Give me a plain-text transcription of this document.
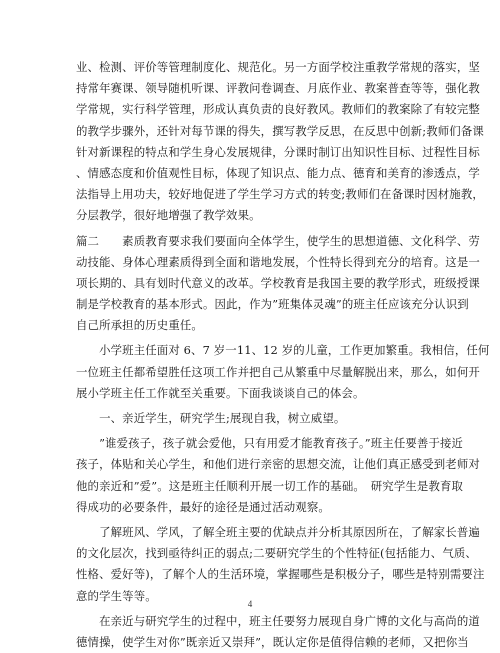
业、检测、评价等管理制度化、规范化。另一方面学校注重教学常规的落实，坚

持常年赛课、领导随机听课、评教问卷调查、月底作业、教案普查等等，强化教

学常规，实行科学管理，形成认真负责的良好教风。教师们的教案除了有较完整

的教学步骤外，还针对每节课的得失，撰写教学反思，在反思中创新;教师们备课

针对新课程的特点和学生身心发展规律，分课时制订出知识性目标、过程性目标

、情感态度和价值观性目标，体现了知识点、能力点、德育和美育的渗透点，学

法指导上用功夫，较好地促进了学生学习方式的转变;教师们在备课时因材施教，

分层教学，很好地增强了教学效果。

篇二　　素质教育要求我们要面向全体学生，使学生的思想道德、文化科学、劳

动技能、身体心理素质得到全面和谐地发展，个性特长得到充分的培育。这是一

项长期的、具有划时代意义的改革。学校教育是我国主要的教学形式，班级授课

制是学校教育的基本形式。因此，作为”班集体灵魂”的班主任应该充分认识到

自己所承担的历史重任。

　　小学班主任面对 6、7 岁一11、12 岁的儿童，工作更加繁重。我相信，任何

一位班主任都希望胜任这项工作并把自己从繁重中尽量解脱出来，那么，如何开

展小学班主任工作就至关重要。下面我谈谈自己的体会。

　　一、亲近学生，研究学生;展现自我，树立威望。

　　”谁爱孩子，孩子就会爱他，只有用爱才能教育孩子。”班主任要善于接近

孩子，体贴和关心学生，和他们进行亲密的思想交流，让他们真正感受到老师对

他的亲近和”爱”。这是班主任顺利开展一切工作的基础。　研究学生是教育取

得成功的必要条件，最好的途径是通过活动观察。

　　了解班风、学风，了解全班主要的优缺点并分析其原因所在，了解家长普遍

的文化层次，找到亟待纠正的弱点;二要研究学生的个性特征(包括能力、气质、

性格、爱好等)，了解个人的生活环境，掌握哪些是积极分子，哪些是特别需要注

意的学生等等。

　　在亲近与研究学生的过程中，班主任要努力展现自身广博的文化与高尚的道

德情操，使学生对你”既亲近又崇拜”，既认定你是值得信赖的老师，又把你当

4
